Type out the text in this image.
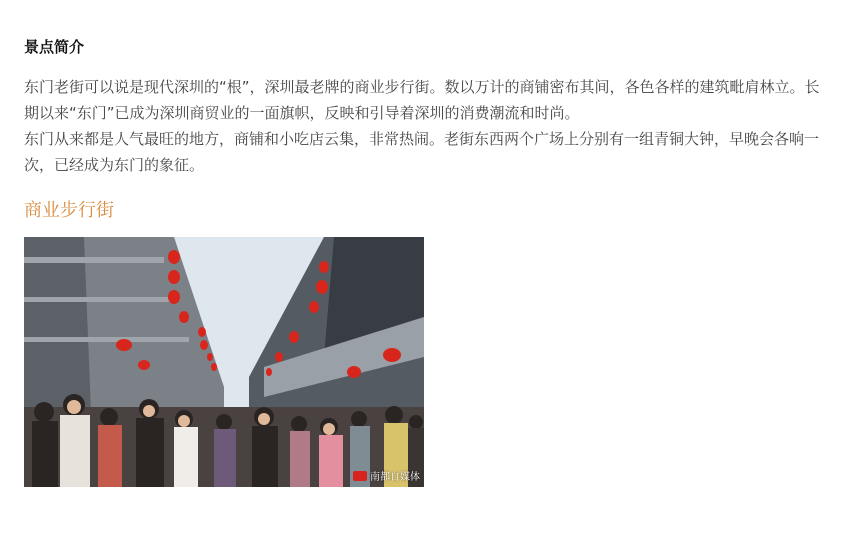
景点简介

东门老街可以说是现代深圳的“根”，深圳最老牌的商业步行街。数以万计的商铺密布其间，各色各样的建筑毗肩林立。长期以来“东门”已成为深圳商贸业的一面旗帜，反映和引导着深圳的消费潮流和时尚。

东门从来都是人气最旺的地方，商铺和小吃店云集，非常热闹。老街东西两个广场上分别有一组青铜大钟，早晚会各响一次，已经成为东门的象征。

商业步行街
南都自媒体
